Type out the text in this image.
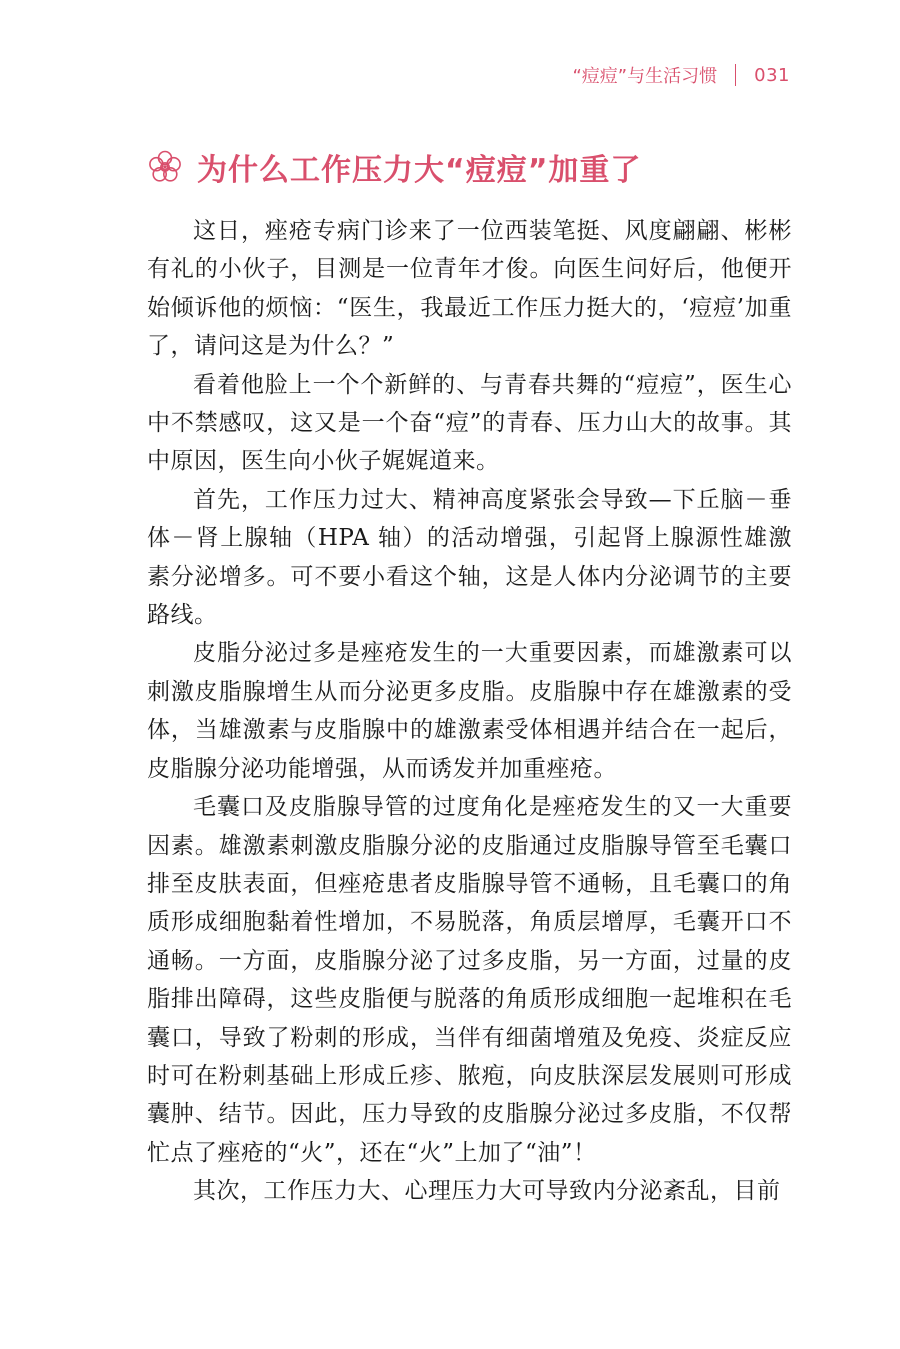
“痘痘”与生活习惯 031
为什么工作压力大“痘痘”加重了

这日，痤疮专病门诊来了一位西装笔挺、风度翩翩、彬彬有礼的小伙子，目测是一位青年才俊。向医生问好后，他便开始倾诉他的烦恼：“医生，我最近工作压力挺大的，‘痘痘’加重了，请问这是为什么？”

看着他脸上一个个新鲜的、与青春共舞的“痘痘”，医生心中不禁感叹，这又是一个奋“痘”的青春、压力山大的故事。其中原因，医生向小伙子娓娓道来。

首先，工作压力过大、精神高度紧张会导致—下丘脑－垂体－肾上腺轴（HPA 轴）的活动增强，引起肾上腺源性雄激素分泌增多。可不要小看这个轴，这是人体内分泌调节的主要路线。

皮脂分泌过多是痤疮发生的一大重要因素，而雄激素可以刺激皮脂腺增生从而分泌更多皮脂。皮脂腺中存在雄激素的受体，当雄激素与皮脂腺中的雄激素受体相遇并结合在一起后，皮脂腺分泌功能增强，从而诱发并加重痤疮。

毛囊口及皮脂腺导管的过度角化是痤疮发生的又一大重要因素。雄激素刺激皮脂腺分泌的皮脂通过皮脂腺导管至毛囊口排至皮肤表面，但痤疮患者皮脂腺导管不通畅，且毛囊口的角质形成细胞黏着性增加，不易脱落，角质层增厚，毛囊开口不通畅。一方面，皮脂腺分泌了过多皮脂，另一方面，过量的皮脂排出障碍，这些皮脂便与脱落的角质形成细胞一起堆积在毛囊口，导致了粉刺的形成，当伴有细菌增殖及免疫、炎症反应时可在粉刺基础上形成丘疹、脓疱，向皮肤深层发展则可形成囊肿、结节。因此，压力导致的皮脂腺分泌过多皮脂，不仅帮忙点了痤疮的“火”，还在“火”上加了“油”！

其次，工作压力大、心理压力大可导致内分泌紊乱，目前
